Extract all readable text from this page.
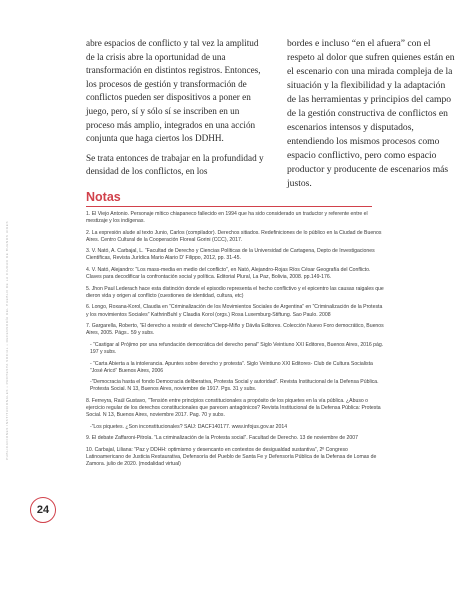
PUBLICACIONES INSTITUCIONALES • PROTESTA SOCIAL • DEFENSORÍA DEL PUEBLO DE LA CIUDAD DE BUENOS AIRES

abre espacios de conflicto y tal vez la amplitud de la crisis abre la oportunidad de una transformación en distintos registros. Entonces, los procesos de gestión y transformación de conflictos pueden ser dispositivos a poner en juego, pero, sí y sólo sí se inscriben en un proceso más amplio, integrados en una acción conjunta que haga ciertos los DDHH.

Se trata entonces de trabajar en la profundidad y densidad de los conflictos, en los

bordes e incluso “en el afuera” con el respeto al dolor que sufren quienes están en el escenario con una mirada compleja de la situación y la flexibilidad y la adaptación de las herramientas y principios del campo de la gestión constructiva de conflictos en escenarios intensos y disputados, entendiendo los mismos procesos como espacio conflictivo, pero como espacio productor y producente de escenarios más justos.

Notas

1. El Viejo Antonio. Personaje mítico chiapaneco fallecido en 1994 que ha sido considerado un traductor y referente entre el mestizaje y los indígenas.

2. La expresión alude al texto Junio, Carlos (compilador). Derechos sitiados. Redefiniciones de lo público en la Ciudad de Buenos Aires. Centro Cultural de la Cooperación Floreal Gorini (CCC), 2017.

3. V. Nató, A. Carbajal, L. “Facultad de Derecho y Ciencias Políticas de la Universidad de Cartagena, Depto de Investigaciones Científicas, Revista Jurídica Mario Alario D’ Filippo, 2012, pp. 31-45.

4. V. Nató, Alejandro: “Los mass-media en medio del conflicto”, en Nató, Alejandro-Rojas Ríos César Geografía del Conflicto. Claves para decodificar la confrontación social y política. Editorial Plural, La Paz, Bolivia, 2008. pp.149-176.

5. Jhon Paul Lederach hace esta distinción donde el episodio representa el hecho conflictivo y el epicentro las causas raigales que dieron vida y origen al conflicto (cuestiones de identidad, cultura, etc)

6. Longo, Roxana-Korol, Claudia en “Criminalización de los Movimientos Sociales de Argentina” en “Criminalización de la Protesta y los movimientos Sociales” KathrinBuhl y Claudia Korol (orgs.) Rosa Luxemburg-Stiftung. Sao Paulo. 2008

7. Gargarella, Roberto, “El derecho a resistir el derecho”Ciepp-Miño y Dávila Editores. Colección Nuevo Foro democrático, Buenos Aires, 2005. Págs.. 59 y subs.

- “Castigar al Prójimo por una refundación democrática del derecho penal” Siglo Veintiuno XXI Editores, Buenos Aires, 2016 pág. 197 y subs.

- “Carta Abierta a la intolerancia. Apuntes sobre derecho y protesta”. Siglo Veintiuno XXI Editores- Club de Cultura Socialista “José Aricó” Buenos Aires, 2006

-”Democracia hasta el fondo Democracia deliberativa, Protesta Social y autoridad”. Revista Institucional de la Defensa Pública. Protesta Social. N 13, Buenos Aires, noviembre de 1917. Pgs. 31 y subs.

8. Ferreyra, Raúl Gustavo, “Tensión entre principios constitucionales a propósito de los piquetes en la vía pública. ¿Abuso o ejercicio regular de los derechos constitucionales que parecen antagónicos? Revista Institucional de la Defensa Pública: Protesta Social. N 13, Buenos Aires, noviembre 2017. Pag. 70 y subs.

-“Los piquetes. ¿Son inconstitucionales? SAIJ: DACF140177. www.infojus.gov.ar 2014

9. El debate Zaffaroni-Pitrola. “La criminalización de la Protesta social”. Facultad de Derecho. 13 de noviembre de 2007

10. Carbajal, Liliana: “Paz y DDHH: optimismo y desencanto en contextos de desigualdad sustantiva”, 2º Congreso Latinoamericano de Justicia Restaurativa, Defensoría del Pueblo de Santa Fe y Defensoría Pública de la Defensa de Lomas de Zamora. julio de 2020. (modalidad virtual)

24
